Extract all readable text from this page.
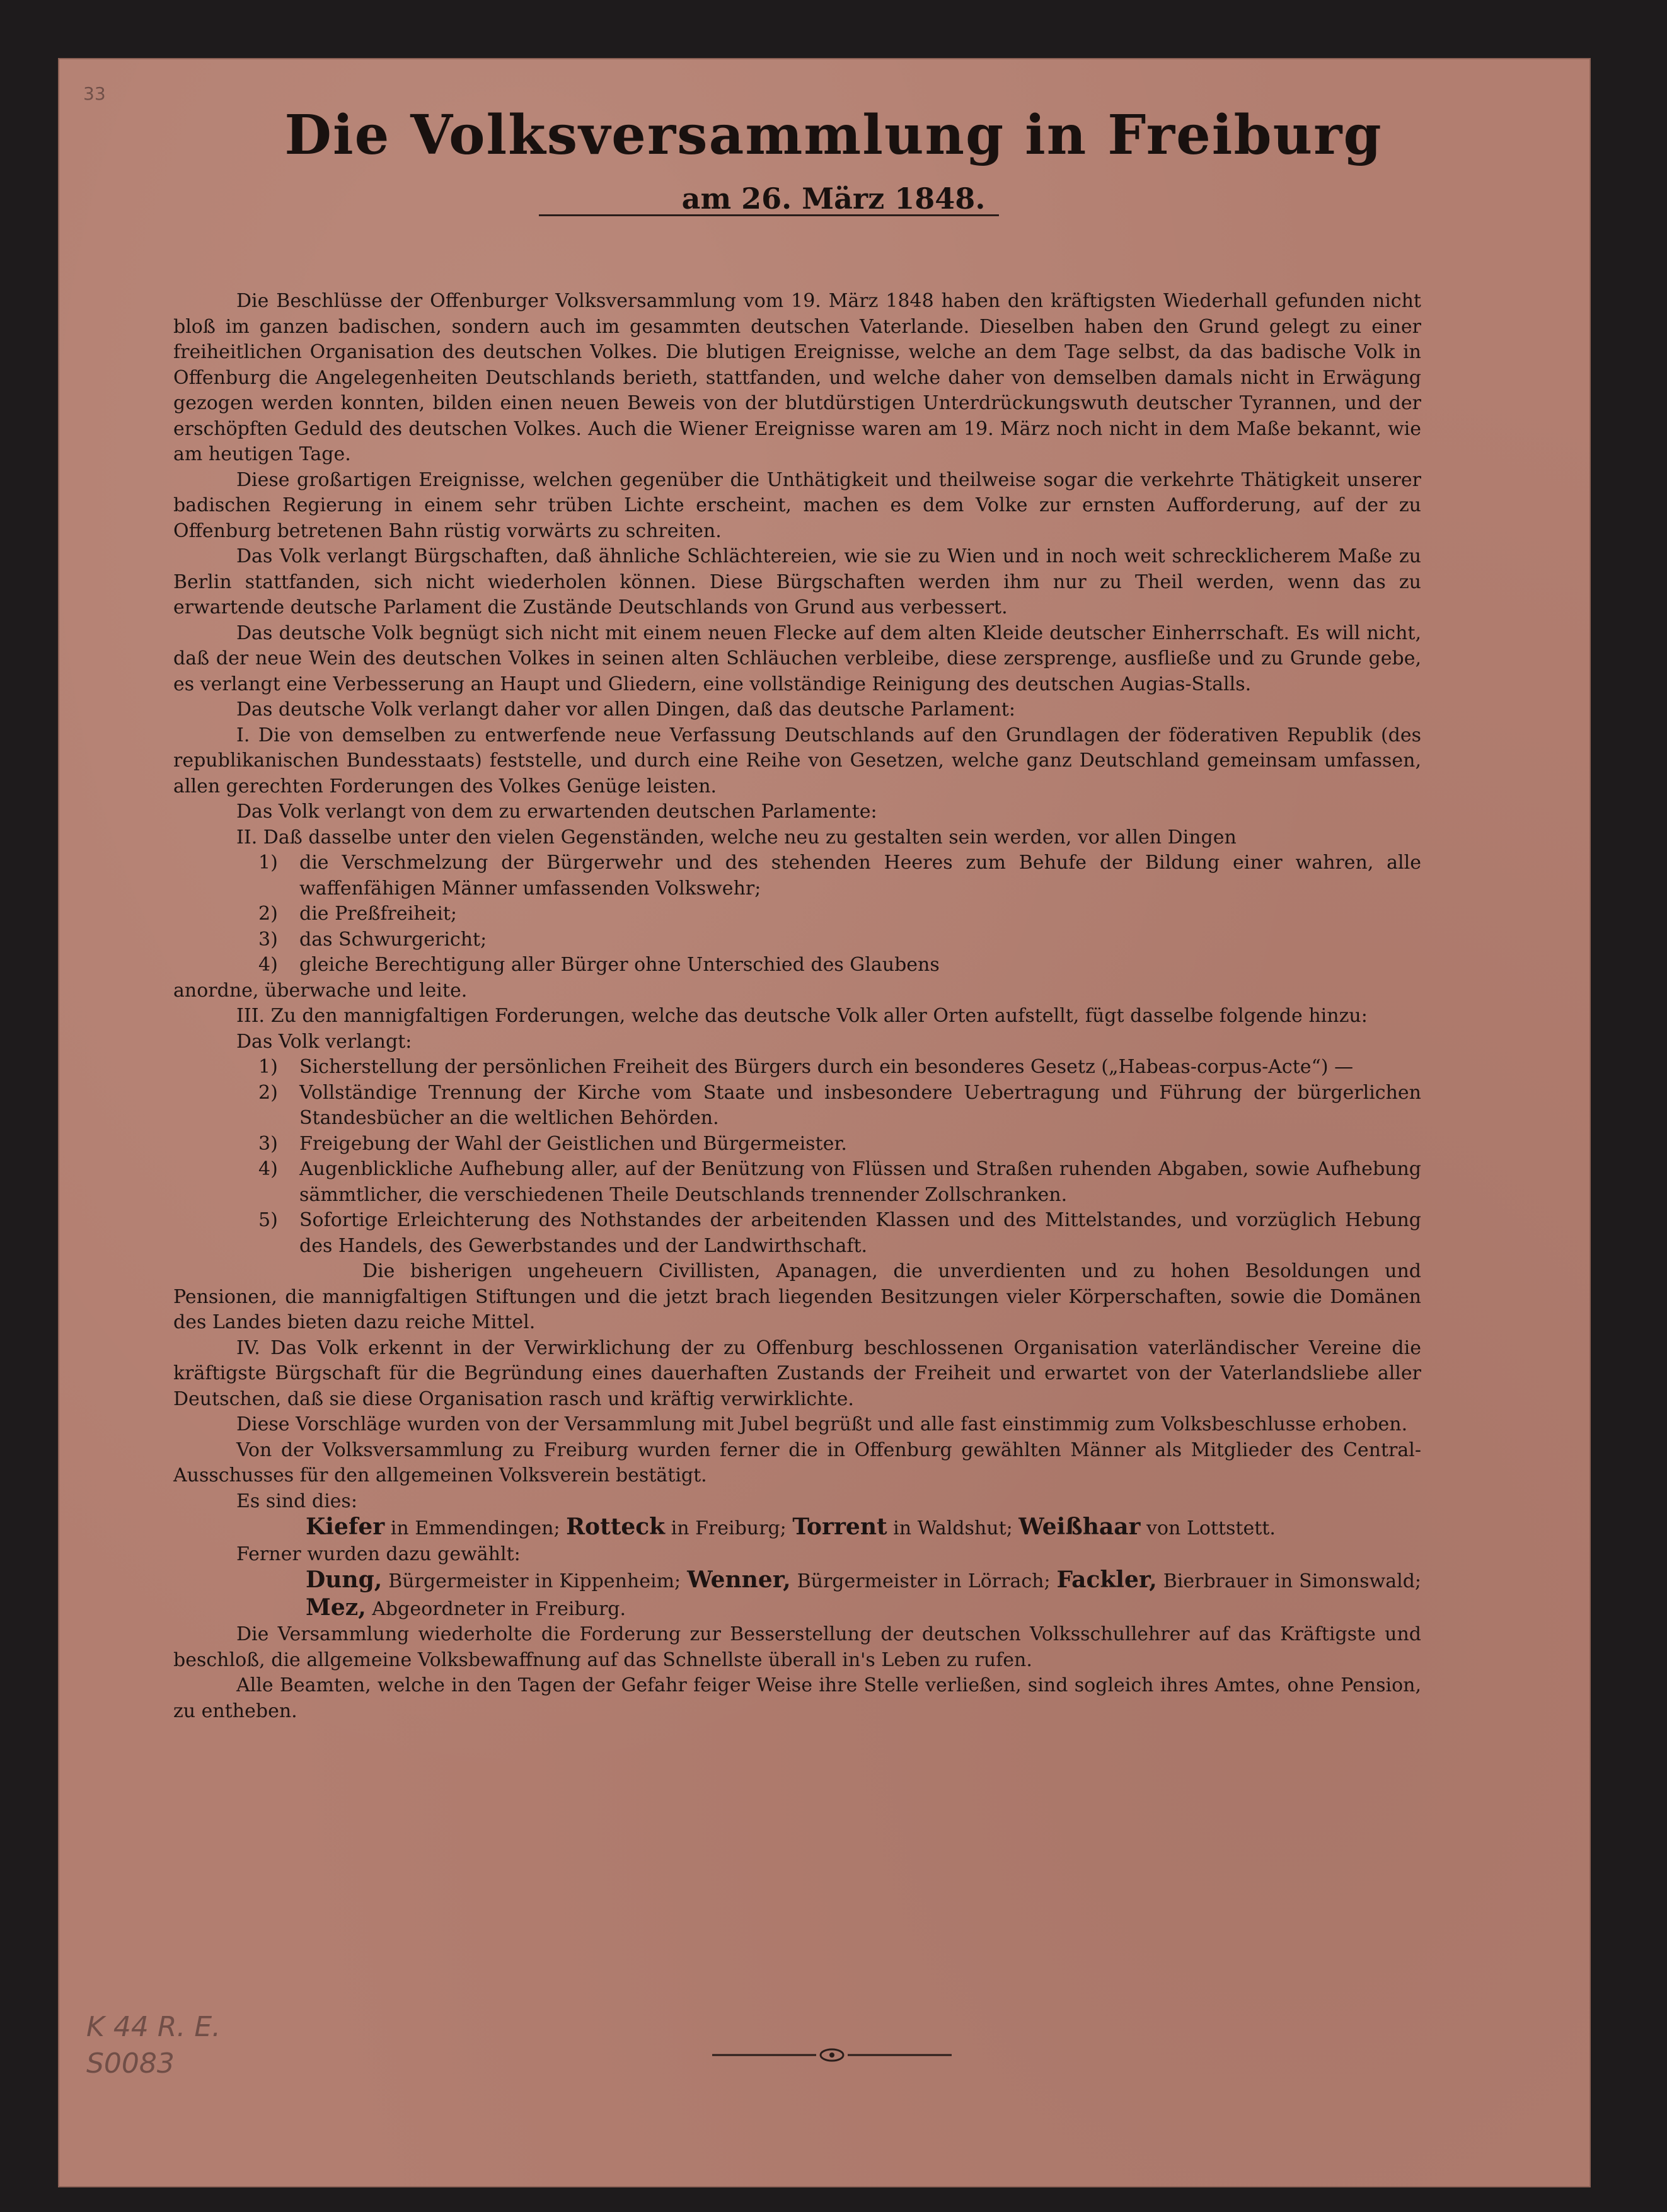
33
K 44 R. E.
S0083
Die Volksversammlung in Freiburg
am 26. März 1848.

Die Beschlüsse der Offenburger Volksversammlung vom 19. März 1848 haben den kräftigsten Wiederhall gefunden nicht bloß im ganzen badischen, sondern auch im gesammten deutschen Vaterlande. Dieselben haben den Grund gelegt zu einer freiheitlichen Organisation des deutschen Volkes. Die blutigen Ereignisse, welche an dem Tage selbst, da das badische Volk in Offenburg die Angelegenheiten Deutschlands berieth, stattfanden, und welche daher von demselben damals nicht in Erwägung gezogen werden konnten, bilden einen neuen Beweis von der blutdürstigen Unterdrückungswuth deutscher Tyrannen, und der erschöpften Geduld des deutschen Volkes. Auch die Wiener Ereignisse waren am 19. März noch nicht in dem Maße bekannt, wie am heutigen Tage.

Diese großartigen Ereignisse, welchen gegenüber die Unthätigkeit und theilweise sogar die verkehrte Thätigkeit unserer badischen Regierung in einem sehr trüben Lichte erscheint, machen es dem Volke zur ernsten Aufforderung, auf der zu Offenburg betretenen Bahn rüstig vorwärts zu schreiten.

Das Volk verlangt Bürgschaften, daß ähnliche Schlächtereien, wie sie zu Wien und in noch weit schrecklicherem Maße zu Berlin stattfanden, sich nicht wiederholen können. Diese Bürgschaften werden ihm nur zu Theil werden, wenn das zu erwartende deutsche Parlament die Zustände Deutschlands von Grund aus verbessert.

Das deutsche Volk begnügt sich nicht mit einem neuen Flecke auf dem alten Kleide deutscher Einherrschaft. Es will nicht, daß der neue Wein des deutschen Volkes in seinen alten Schläuchen verbleibe, diese zersprenge, ausfließe und zu Grunde gebe, es verlangt eine Verbesserung an Haupt und Gliedern, eine vollständige Reinigung des deutschen Augias-Stalls.

Das deutsche Volk verlangt daher vor allen Dingen, daß das deutsche Parlament:

I. Die von demselben zu entwerfende neue Verfassung Deutschlands auf den Grundlagen der föderativen Republik (des republikanischen Bundesstaats) feststelle, und durch eine Reihe von Gesetzen, welche ganz Deutschland gemeinsam umfassen, allen gerechten Forderungen des Volkes Genüge leisten.

Das Volk verlangt von dem zu erwartenden deutschen Parlamente:

II. Daß dasselbe unter den vielen Gegenständen, welche neu zu gestalten sein werden, vor allen Dingen

1) die Verschmelzung der Bürgerwehr und des stehenden Heeres zum Behufe der Bildung einer wahren, alle waffenfähigen Männer umfassenden Volkswehr;

2) die Preßfreiheit;

3) das Schwurgericht;

4) gleiche Berechtigung aller Bürger ohne Unterschied des Glaubens

anordne, überwache und leite.

III. Zu den mannigfaltigen Forderungen, welche das deutsche Volk aller Orten aufstellt, fügt dasselbe folgende hinzu:

Das Volk verlangt:

1) Sicherstellung der persönlichen Freiheit des Bürgers durch ein besonderes Gesetz („Habeas-corpus-Acte“) —

2) Vollständige Trennung der Kirche vom Staate und insbesondere Uebertragung und Führung der bürgerlichen Standesbücher an die weltlichen Behörden.

3) Freigebung der Wahl der Geistlichen und Bürgermeister.

4) Augenblickliche Aufhebung aller, auf der Benützung von Flüssen und Straßen ruhenden Abgaben, sowie Aufhebung sämmtlicher, die verschiedenen Theile Deutschlands trennender Zollschranken.

5) Sofortige Erleichterung des Nothstandes der arbeitenden Klassen und des Mittelstandes, und vorzüglich Hebung des Handels, des Gewerbstandes und der Landwirthschaft.

Die bisherigen ungeheuern Civillisten, Apanagen, die unverdienten und zu hohen Besoldungen und Pensionen, die mannigfaltigen Stiftungen und die jetzt brach liegenden Besitzungen vieler Körperschaften, sowie die Domänen des Landes bieten dazu reiche Mittel.

IV. Das Volk erkennt in der Verwirklichung der zu Offenburg beschlossenen Organisation vaterländischer Vereine die kräftigste Bürgschaft für die Begründung eines dauerhaften Zustands der Freiheit und erwartet von der Vaterlandsliebe aller Deutschen, daß sie diese Organisation rasch und kräftig verwirklichte.

Diese Vorschläge wurden von der Versammlung mit Jubel begrüßt und alle fast einstimmig zum Volksbeschlusse erhoben.

Von der Volksversammlung zu Freiburg wurden ferner die in Offenburg gewählten Männer als Mitglieder des Central-Ausschusses für den allgemeinen Volksverein bestätigt.

Es sind dies:

Kiefer in Emmendingen; Rotteck in Freiburg; Torrent in Waldshut; Weißhaar von Lottstett.

Ferner wurden dazu gewählt:

Dung, Bürgermeister in Kippenheim; Wenner, Bürgermeister in Lörrach; Fackler, Bierbrauer in Simonswald; Mez, Abgeordneter in Freiburg.

Die Versammlung wiederholte die Forderung zur Besserstellung der deutschen Volksschullehrer auf das Kräftigste und beschloß, die allgemeine Volksbewaffnung auf das Schnellste überall in's Leben zu rufen.

Alle Beamten, welche in den Tagen der Gefahr feiger Weise ihre Stelle verließen, sind sogleich ihres Amtes, ohne Pension, zu entheben.
